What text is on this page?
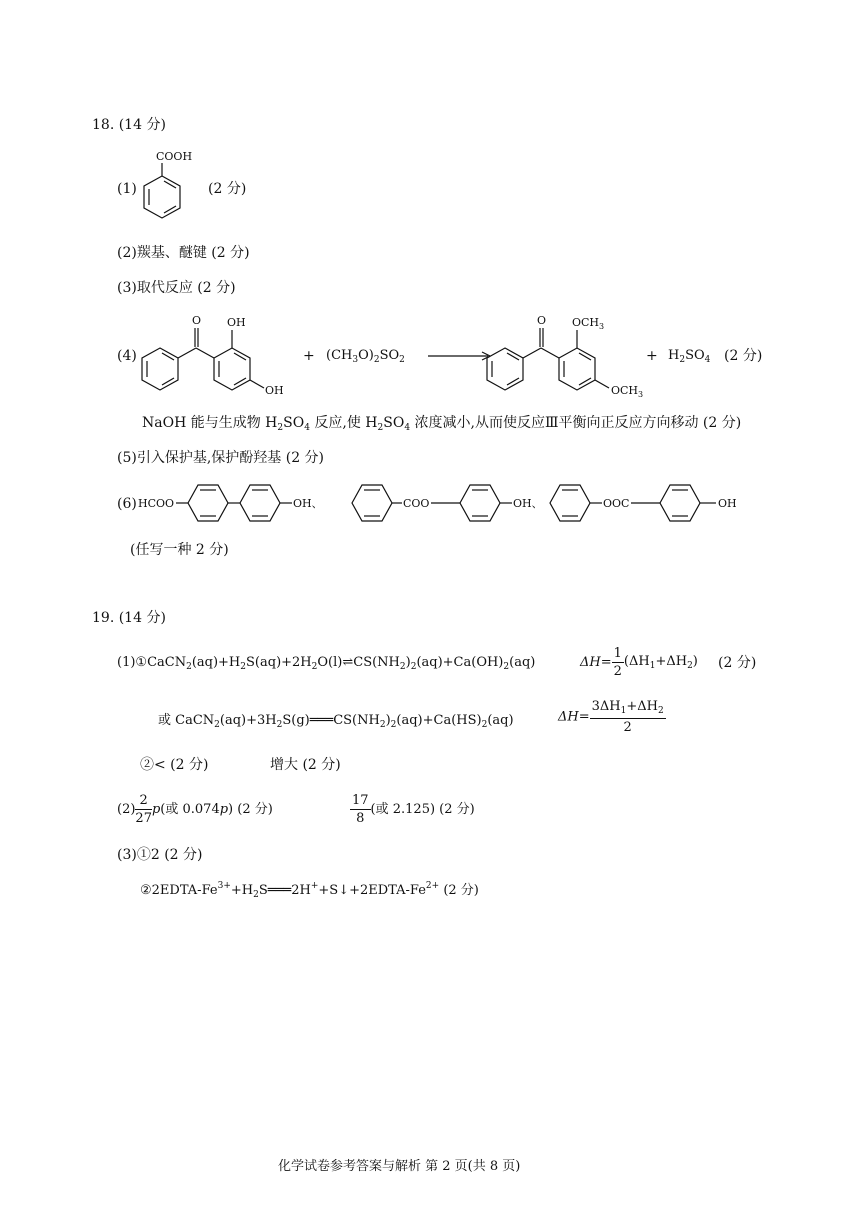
18. (14 分)
(1)
COOH
(2 分)
(2)羰基、醚键 (2 分)
(3)取代反应 (2 分)
(4)
O OH
OH
+ $(CH_3O)_2SO_2$
O $OCH_3$
$OCH_3$
+ $H_2SO_4$ (2 分)
NaOH 能与生成物 $H_2SO_4$ 反应,使 $H_2SO_4$ 浓度减小,从而使反应Ⅲ平衡向正反应方向移动 (2 分)
(5)引入保护基,保护酚羟基 (2 分)
(6) HCOO	OH、	COO	OH、	OOC	OH
(任写一种 2 分)
19. (14 分)
$(1)①CaCN_2(aq)+H_2S(aq)+2H_2O(l)\rightleftharpoons CS(NH_2)_2(aq)+Ca(OH)_2(aq)$	$\Delta H= \frac{1}{2} (\Delta H_1+\Delta H_2)$ (2 分)
或 $CaCN_2(aq)+3H_2S(g)═══CS(NH_2)_2(aq)+Ca(HS)_2(aq)$	$\Delta H= \frac{3\Delta H_1+\Delta H_2}{2}$
②< (2 分)	增大 (2 分)
$(2) \frac{2}{27} p$(或 0.074p) (2 分)	$\frac{17}{8}$ (或 2.125) (2 分)
(3)①2 (2 分)
$②2EDTA-Fe^{3+}+H_2S═══2H^++S↓+2EDTA-Fe^{2+}$ (2 分)
化学试卷参考答案与解析 第 2 页(共 8 页)
